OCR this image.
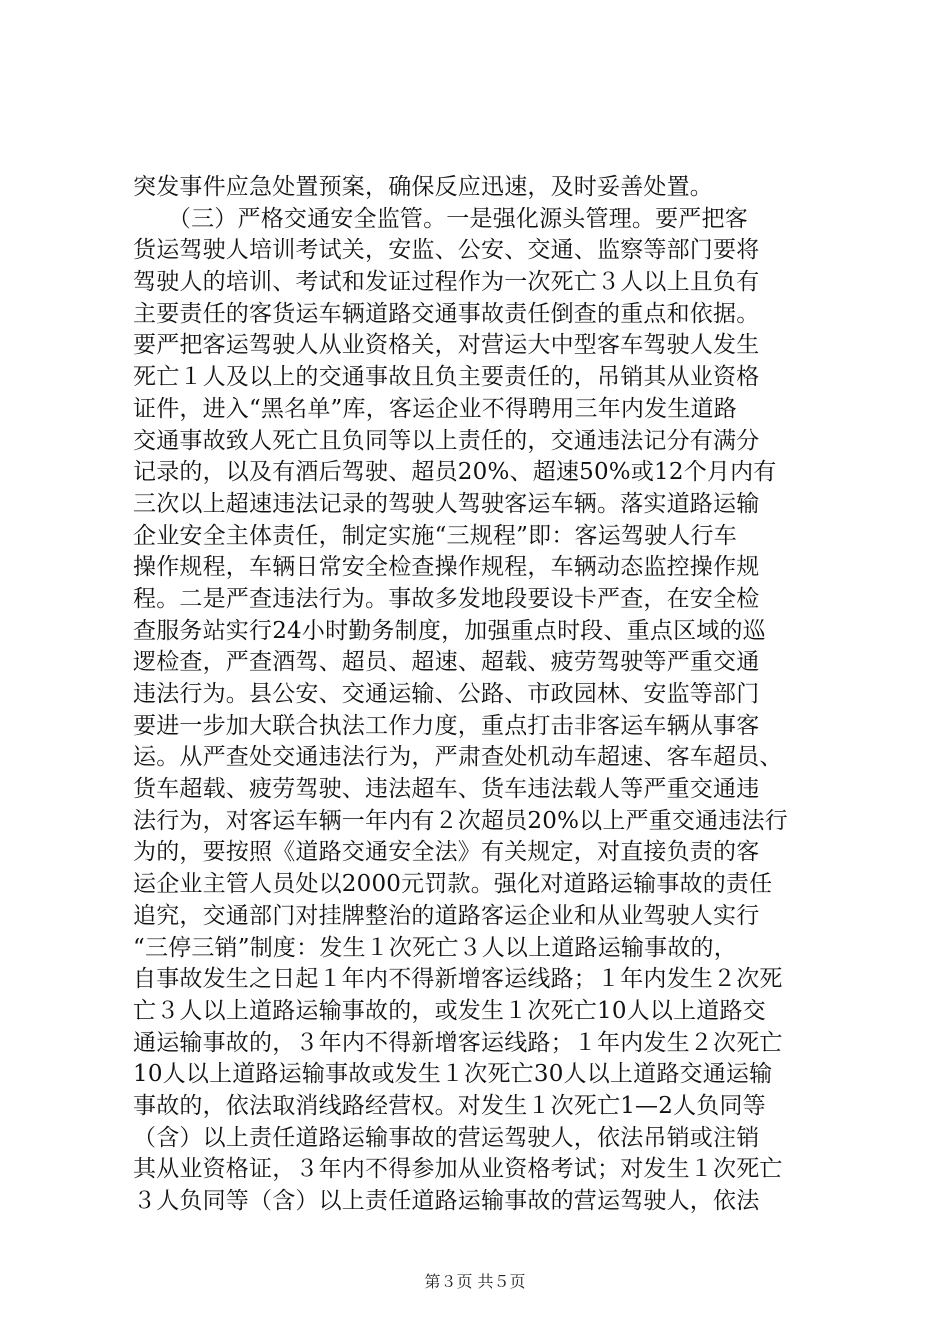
突发事件应急处置预案，确保反应迅速，及时妥善处置。
　　（三）严格交通安全监管。一是强化源头管理。要严把客
货运驾驶人培训考试关，安监、公安、交通、监察等部门要将
驾驶人的培训、考试和发证过程作为一次死亡３人以上且负有
主要责任的客货运车辆道路交通事故责任倒查的重点和依据。
要严把客运驾驶人从业资格关，对营运大中型客车驾驶人发生
死亡１人及以上的交通事故且负主要责任的，吊销其从业资格
证件，进入“黑名单”库，客运企业不得聘用三年内发生道路
交通事故致人死亡且负同等以上责任的，交通违法记分有满分
记录的，以及有酒后驾驶、超员20%、超速50%或12个月内有
三次以上超速违法记录的驾驶人驾驶客运车辆。落实道路运输
企业安全主体责任，制定实施“三规程”即：客运驾驶人行车
操作规程，车辆日常安全检查操作规程，车辆动态监控操作规
程。二是严查违法行为。事故多发地段要设卡严查，在安全检
查服务站实行24小时勤务制度，加强重点时段、重点区域的巡
逻检查，严查酒驾、超员、超速、超载、疲劳驾驶等严重交通
违法行为。县公安、交通运输、公路、市政园林、安监等部门
要进一步加大联合执法工作力度，重点打击非客运车辆从事客
运。从严查处交通违法行为，严肃查处机动车超速、客车超员、
货车超载、疲劳驾驶、违法超车、货车违法载人等严重交通违
法行为，对客运车辆一年内有２次超员20%以上严重交通违法行
为的，要按照《道路交通安全法》有关规定，对直接负责的客
运企业主管人员处以2000元罚款。强化对道路运输事故的责任
追究，交通部门对挂牌整治的道路客运企业和从业驾驶人实行
“三停三销”制度：发生１次死亡３人以上道路运输事故的，
自事故发生之日起１年内不得新增客运线路；１年内发生２次死
亡３人以上道路运输事故的，或发生１次死亡10人以上道路交
通运输事故的，３年内不得新增客运线路；１年内发生２次死亡
10人以上道路运输事故或发生１次死亡30人以上道路交通运输
事故的，依法取消线路经营权。对发生１次死亡1—2人负同等
（含）以上责任道路运输事故的营运驾驶人，依法吊销或注销
其从业资格证，３年内不得参加从业资格考试；对发生１次死亡
３人负同等（含）以上责任道路运输事故的营运驾驶人，依法
第３页 共５页
